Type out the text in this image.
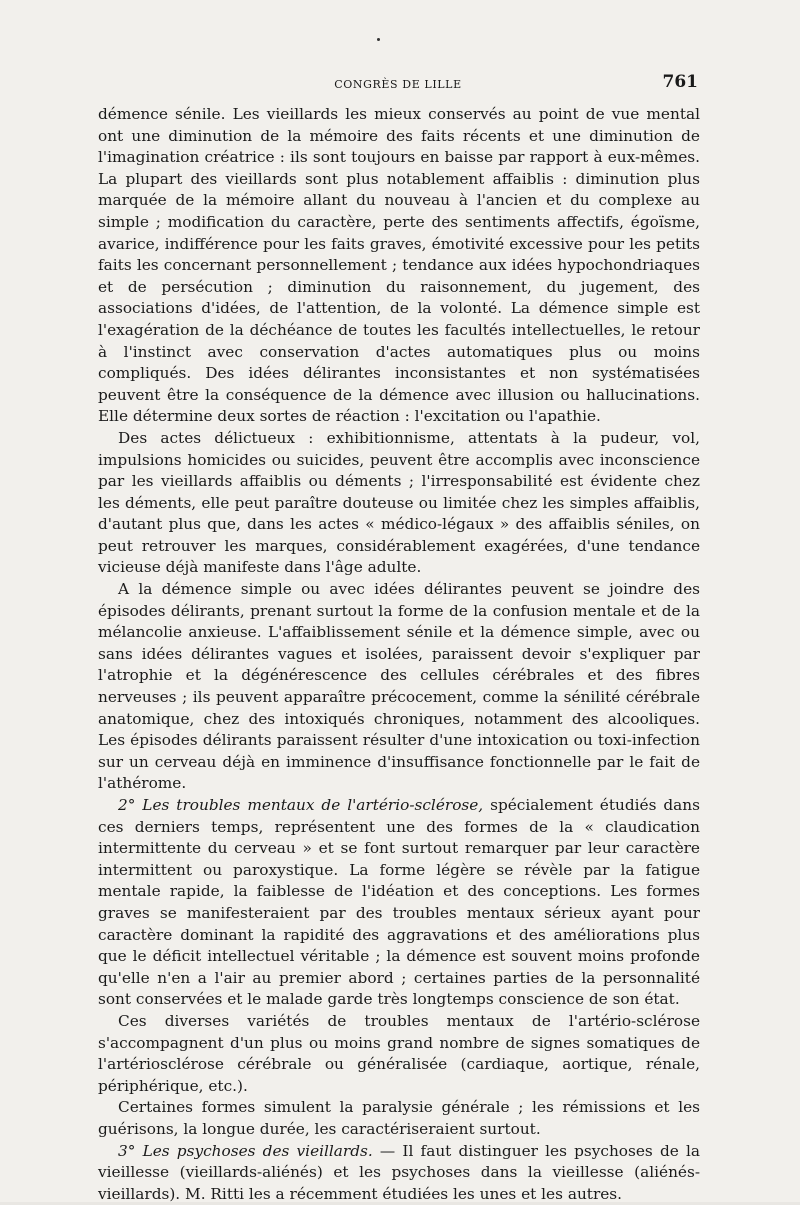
CONGRÈS DE LILLE	761

démence sénile. Les vieillards les mieux conservés au point de vue mental ont une diminution de la mémoire des faits récents et une diminution de l'imagination créatrice : ils sont toujours en baisse par rapport à eux-mêmes. La plupart des vieillards sont plus notablement affaiblis : diminution plus marquée de la mémoire allant du nouveau à l'ancien et du complexe au simple ; modification du caractère, perte des sentiments affectifs, égoïsme, avarice, indifférence pour les faits graves, émotivité excessive pour les petits faits les concernant personnellement ; tendance aux idées hypochondriaques et de persécution ; diminution du raisonnement, du jugement, des associations d'idées, de l'attention, de la volonté. La démence simple est l'exagération de la déchéance de toutes les facultés intellectuelles, le retour à l'instinct avec conservation d'actes automatiques plus ou moins compliqués. Des idées délirantes inconsistantes et non systématisées peuvent être la conséquence de la démence avec illusion ou hallucinations. Elle détermine deux sortes de réaction : l'excitation ou l'apathie.

Des actes délictueux : exhibitionnisme, attentats à la pudeur, vol, impulsions homicides ou suicides, peuvent être accomplis avec inconscience par les vieillards affaiblis ou déments ; l'irresponsabilité est évidente chez les déments, elle peut paraître douteuse ou limitée chez les simples affaiblis, d'autant plus que, dans les actes « médico-légaux » des affaiblis séniles, on peut retrouver les marques, considérablement exagérées, d'une tendance vicieuse déjà manifeste dans l'âge adulte.

A la démence simple ou avec idées délirantes peuvent se joindre des épisodes délirants, prenant surtout la forme de la confusion mentale et de la mélancolie anxieuse. L'affaiblissement sénile et la démence simple, avec ou sans idées délirantes vagues et isolées, paraissent devoir s'expliquer par l'atrophie et la dégénérescence des cellules cérébrales et des fibres nerveuses ; ils peuvent apparaître précocement, comme la sénilité cérébrale anatomique, chez des intoxiqués chroniques, notamment des alcooliques. Les épisodes délirants paraissent résulter d'une intoxication ou toxi-infection sur un cerveau déjà en imminence d'insuffisance fonctionnelle par le fait de l'athérome.

2° Les troubles mentaux de l'artério-sclérose, spécialement étudiés dans ces derniers temps, représentent une des formes de la « claudication intermittente du cerveau » et se font surtout remarquer par leur caractère intermittent ou paroxystique. La forme légère se révèle par la fatigue mentale rapide, la faiblesse de l'idéation et des conceptions. Les formes graves se manifesteraient par des troubles mentaux sérieux ayant pour caractère dominant la rapidité des aggravations et des améliorations plus que le déficit intellectuel véritable ; la démence est souvent moins profonde qu'elle n'en a l'air au premier abord ; certaines parties de la personnalité sont conservées et le malade garde très longtemps conscience de son état.

Ces diverses variétés de troubles mentaux de l'artério-sclérose s'accompagnent d'un plus ou moins grand nombre de signes somatiques de l'artériosclérose cérébrale ou généralisée (cardiaque, aortique, rénale, périphérique, etc.).

Certaines formes simulent la paralysie générale ; les rémissions et les guérisons, la longue durée, les caractériseraient surtout.

3° Les psychoses des vieillards. — Il faut distinguer les psychoses de la vieillesse (vieillards-aliénés) et les psychoses dans la vieillesse (aliénés-vieillards). M. Ritti les a récemment étudiées les unes et les autres.
